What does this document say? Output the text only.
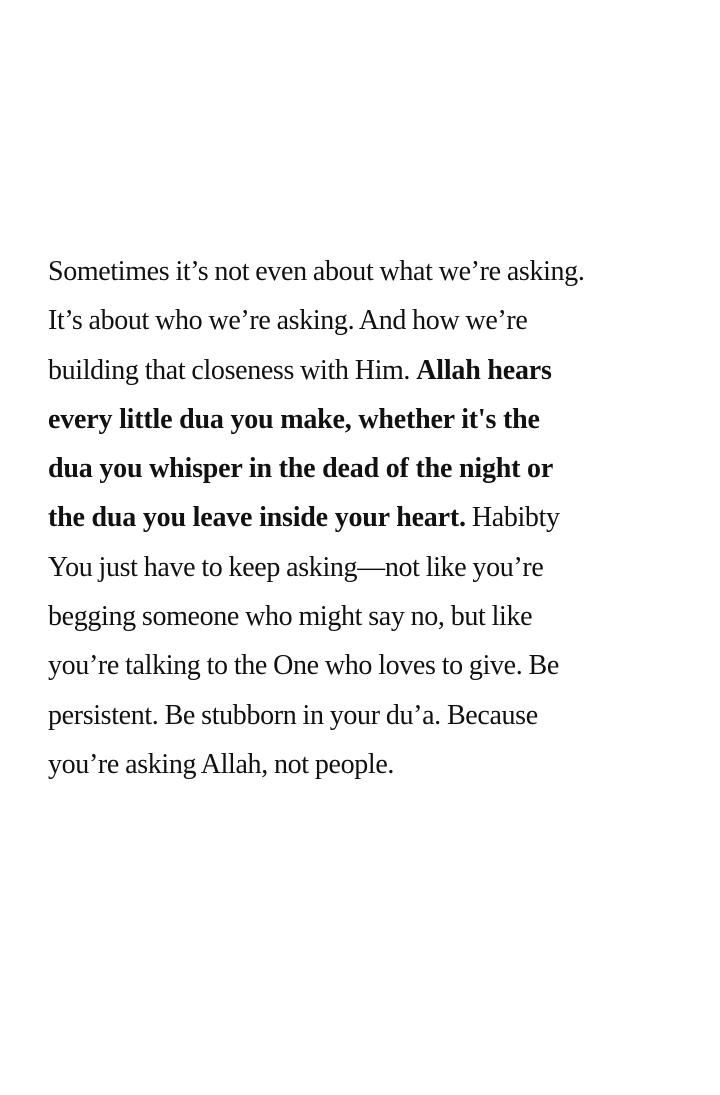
Sometimes it’s not even about what we’re asking.
It’s about who we’re asking. And how we’re
building that closeness with Him. Allah hears
every little dua you make, whether it's the
dua you whisper in the dead of the night or
the dua you leave inside your heart. Habibty
You just have to keep asking—not like you’re
begging someone who might say no, but like
you’re talking to the One who loves to give. Be
persistent. Be stubborn in your du’a. Because
you’re asking Allah, not people.
